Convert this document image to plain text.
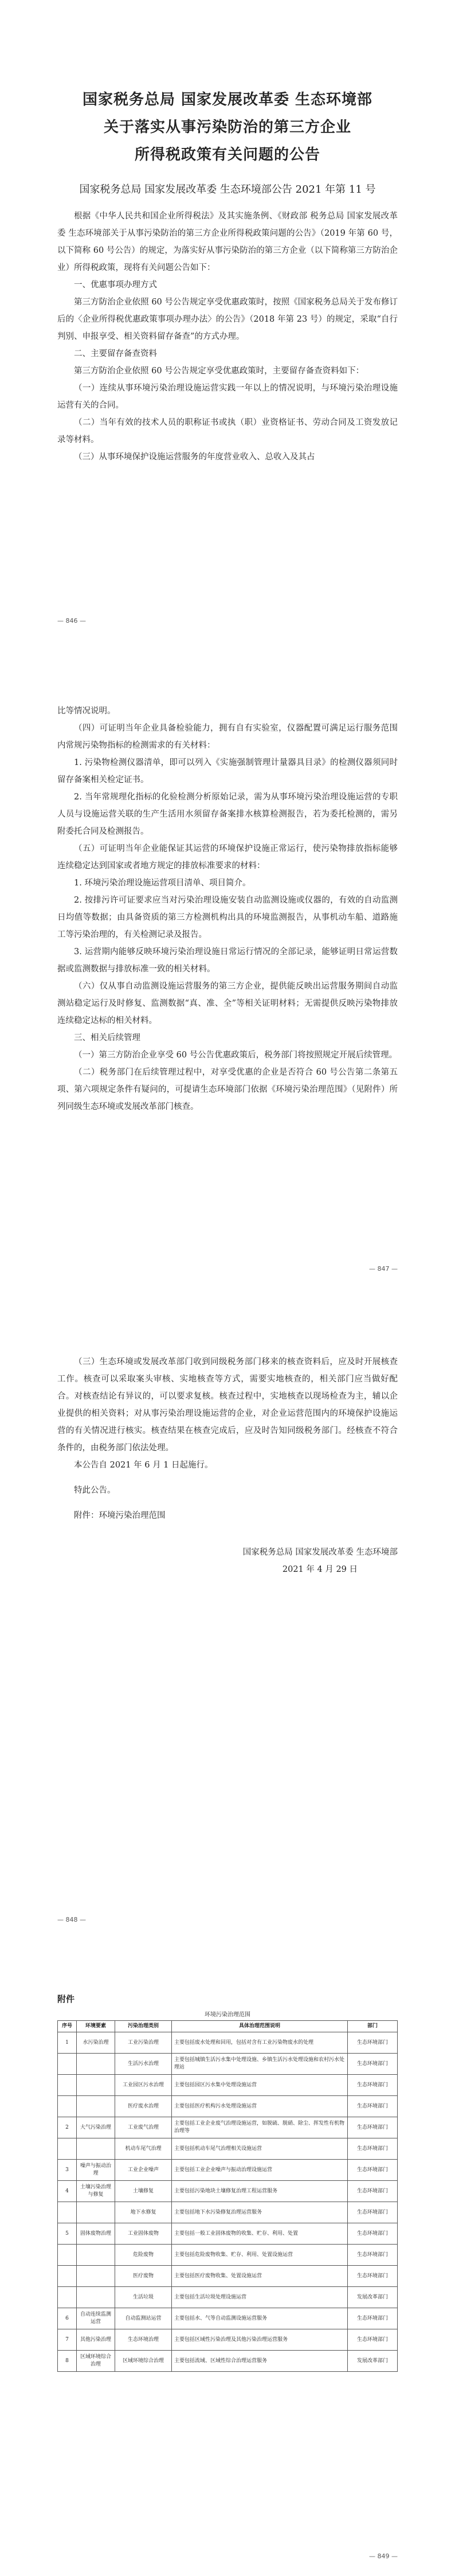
国家税务总局 国家发展改革委 生态环境部
关于落实从事污染防治的第三方企业
所得税政策有关问题的公告
国家税务总局 国家发展改革委 生态环境部公告 2021 年第 11 号

根据《中华人民共和国企业所得税法》及其实施条例、《财政部 税务总局 国家发展改革委 生态环境部关于从事污染防治的第三方企业所得税政策问题的公告》（2019 年第 60 号，以下简称 60 号公告）的规定，为落实好从事污染防治的第三方企业（以下简称第三方防治企业）所得税政策，现将有关问题公告如下：

一、优惠事项办理方式

第三方防治企业依照 60 号公告规定享受优惠政策时，按照《国家税务总局关于发布修订后的〈企业所得税优惠政策事项办理办法〉的公告》（2018 年第 23 号）的规定，采取“自行判别、申报享受、相关资料留存备查”的方式办理。

二、主要留存备查资料

第三方防治企业依照 60 号公告规定享受优惠政策时，主要留存备查资料如下：

（一）连续从事环境污染治理设施运营实践一年以上的情况说明，与环境污染治理设施运营有关的合同。

（二）当年有效的技术人员的职称证书或执（职）业资格证书、劳动合同及工资发放记录等材料。

（三）从事环境保护设施运营服务的年度营业收入、总收入及其占

— 846 —

比等情况说明。

（四）可证明当年企业具备检验能力，拥有自有实验室，仪器配置可满足运行服务范围内常规污染物指标的检测需求的有关材料：

1. 污染物检测仪器清单，即可以列入《实施强制管理计量器具目录》的检测仪器须同时留存备案相关检定证书。

2. 当年常规理化指标的化验检测分析原始记录，需为从事环境污染治理设施运营的专职人员与设施运营关联的生产生活用水须留存备案排水核算检测报告，若为委托检测的，需另附委托合同及检测报告。

（五）可证明当年企业能保证其运营的环境保护设施正常运行，使污染物排放指标能够连续稳定达到国家或者地方规定的排放标准要求的材料：

1. 环境污染治理设施运营项目清单、项目简介。

2. 按排污许可证要求应当对污染治理设施安装自动监测设施或仪器的，有效的自动监测日均值等数据；由具备资质的第三方检测机构出具的环境监测报告，从事机动车船、道路施工等污染治理的，有关检测记录及报告。

3. 运营期内能够反映环境污染治理设施日常运行情况的全部记录，能够证明日常运营数据或监测数据与排放标准一致的相关材料。

（六）仅从事自动监测设施运营服务的第三方企业，提供能反映出运营服务期间自动监测站稳定运行及时修复、监测数据“真、准、全”等相关证明材料；无需提供反映污染物排放连续稳定达标的相关材料。

三、相关后续管理

（一）第三方防治企业享受 60 号公告优惠政策后，税务部门将按照规定开展后续管理。

（二）税务部门在后续管理过程中，对享受优惠的企业是否符合 60 号公告第二条第五项、第六项规定条件有疑问的，可提请生态环境部门依据《环境污染治理范围》（见附件）所列同级生态环境或发展改革部门核查。

— 847 —

（三）生态环境或发展改革部门收到同级税务部门移来的核查资料后，应及时开展核查工作。核查可以采取案头审核、实地核查等方式，需要实地核查的，相关部门应当做好配合。对核查结论有异议的，可以要求复核。核查过程中，实地核查以现场检查为主，辅以企业提供的相关资料；对从事污染治理设施运营的企业，对企业运营范围内的环境保护设施运营的有关情况进行核实。核查结果在核查完成后，应及时告知同级税务部门。经核查不符合条件的，由税务部门依法处理。

本公告自 2021 年 6 月 1 日起施行。

特此公告。

附件：环境污染治理范围

国家税务总局 国家发展改革委 生态环境部

2021 年 4 月 29 日

— 848 —
附件
环境污染治理范围
序号	环境要素	污染治理类别	具体治理范围说明	部门
1	水污染治理	工业污染治理	主要包括废水处理和回用，包括对含有工业污染物废水的处理	生态环境部门
		生活污水治理	主要包括城镇生活污水集中处理设施、乡镇生活污水处理设施和农村污水处理站	生态环境部门
		工业园区污水治理	主要包括园区污水集中处理设施运营	生态环境部门
		医疗废水治理	主要包括医疗机构污水处理设施运营	生态环境部门
2	大气污染治理	工业废气治理	主要包括工业企业废气治理设施运营，如脱硫、脱硝、除尘、挥发性有机物治理等	生态环境部门
		机动车尾气治理	主要包括机动车尾气治理相关设施运营	生态环境部门
3	噪声与振动治理	工业企业噪声	主要包括工业企业噪声与振动治理设施运营	生态环境部门
4	土壤污染治理与修复	土壤修复	主要包括污染地块土壤修复治理工程运营服务	生态环境部门
		地下水修复	主要包括地下水污染修复治理运营服务	生态环境部门
5	固体废物治理	工业固体废物	主要包括一般工业固体废物的收集、贮存、利用、处置	生态环境部门
		危险废物	主要包括危险废物收集、贮存、利用、处置设施运营	生态环境部门
		医疗废物	主要包括医疗废物收集、处置设施运营	生态环境部门
		生活垃圾	主要包括生活垃圾处理设施运营	发展改革部门
6	自动连续监测运营	自动监测站运营	主要包括水、气等自动监测设施运营服务	生态环境部门
7	其他污染治理	生态环境治理	主要包括区域性污染治理及其他污染治理运营服务	生态环境部门
8	区域环境综合治理	区域环境综合治理	主要包括流域、区域性综合治理运营服务	发展改革部门
— 849 —
